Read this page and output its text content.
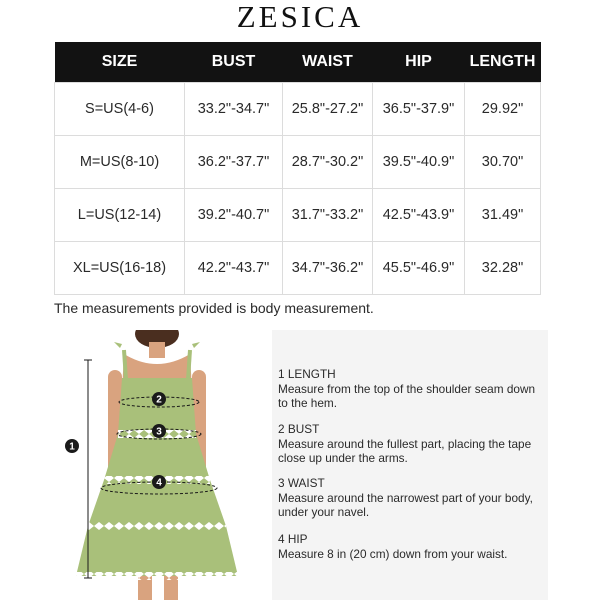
ZESICA
SIZE	BUST	WAIST	HIP	LENGTH
S=US(4-6)	33.2"-34.7"	25.8"-27.2"	36.5"-37.9"	29.92"
M=US(8-10)	36.2"-37.7"	28.7"-30.2"	39.5"-40.9"	30.70"
L=US(12-14)	39.2"-40.7"	31.7"-33.2"	42.5"-43.9"	31.49"
XL=US(16-18)	42.2"-43.7"	34.7"-36.2"	45.5"-46.9"	32.28"
The measurements provided is body measurement.
1
2
3
4
1 LENGTH
Measure from the top of the shoulder seam down to the hem.
2 BUST
Measure around the fullest part, placing the tape close up under the arms.
3 WAIST
Measure around the narrowest part of your body, under your navel.
4 HIP
Measure 8 in (20 cm) down from your waist.
